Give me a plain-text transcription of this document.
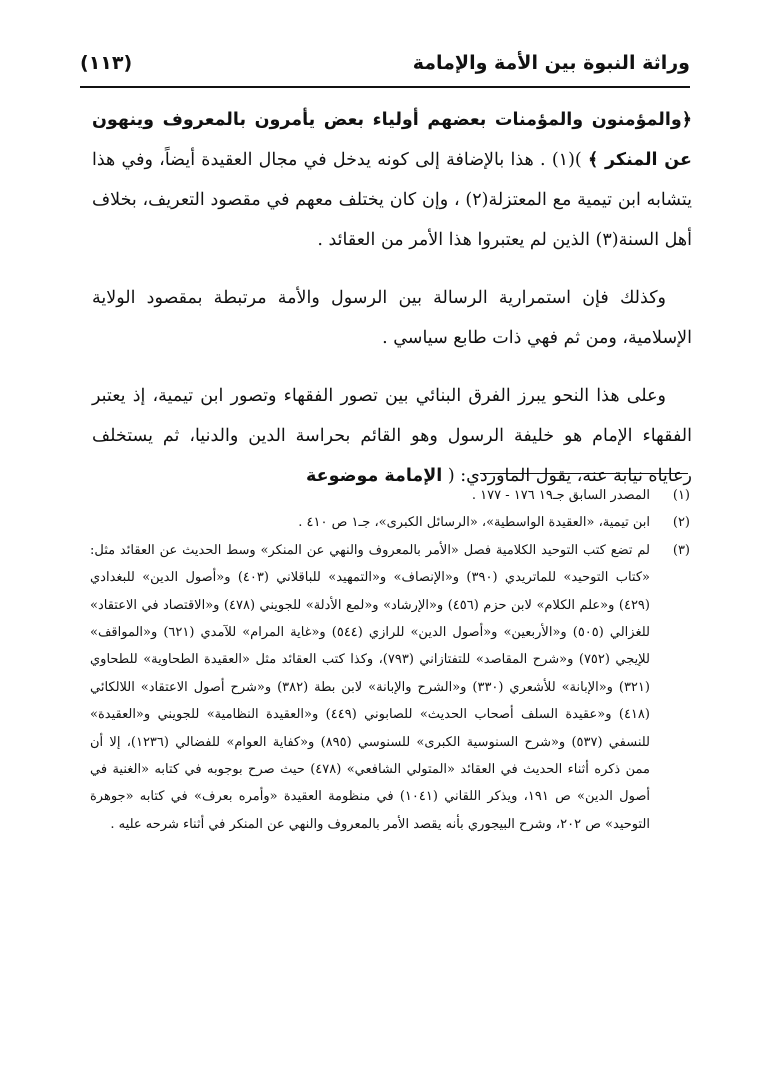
وراثة النبوة بين الأمة والإمامة
(١١٣)

﴿والمؤمنون والمؤمنات بعضهم أولياء بعض يأمرون بالمعروف وينهون عن المنكر ﴾ )(١) . هذا بالإضافة إلى كونه يدخل في مجال العقيدة أيضاً، وفي هذا يتشابه ابن تيمية مع المعتزلة(٢) ، وإن كان يختلف معهم في مقصود التعريف، بخلاف أهل السنة(٣) الذين لم يعتبروا هذا الأمر من العقائد .

وكذلك فإن استمرارية الرسالة بين الرسول والأمة مرتبطة بمقصود الولاية الإسلامية، ومن ثم فهي ذات طابع سياسي .

وعلى هذا النحو يبرز الفرق البنائي بين تصور الفقهاء وتصور ابن تيمية، إذ يعتبر الفقهاء الإمام هو خليفة الرسول وهو القائم بحراسة الدين والدنيا، ثم يستخلف رعاياه نيابة عنه، يقول الماوردي: ( الإمامة موضوعة

(١)
المصدر السابق جـ١٩ ١٧٦ - ١٧٧ .
(٢)
ابن تيمية، «العقيدة الواسطية»، «الرسائل الكبرى»، جـ١ ص ٤١٠ .
(٣)
لم تضع كتب التوحيد الكلامية فصل «الأمر بالمعروف والنهي عن المنكر» وسط الحديث عن العقائد مثل: «كتاب التوحيد» للماتريدي (٣٩٠) و«الإنصاف» و«التمهيد» للباقلاني (٤٠٣) و«أصول الدين» للبغدادي (٤٢٩) و«علم الكلام» لابن حزم (٤٥٦) و«الإرشاد» و«لمع الأدلة» للجويني (٤٧٨) و«الاقتصاد في الاعتقاد» للغزالي (٥٠٥) و«الأربعين» و«أصول الدين» للرازي (٥٤٤) و«غاية المرام» للآمدي (٦٢١) و«المواقف» للإيجي (٧٥٢) و«شرح المقاصد» للتفتازاني (٧٩٣)، وكذا كتب العقائد مثل «العقيدة الطحاوية» للطحاوي (٣٢١) و«الإبانة» للأشعري (٣٣٠) و«الشرح والإبانة» لابن بطة (٣٨٢) و«شرح أصول الاعتقاد» اللالكائي (٤١٨) و«عقيدة السلف أصحاب الحديث» للصابوني (٤٤٩) و«العقيدة النظامية» للجويني و«العقيدة» للنسفي (٥٣٧) و«شرح السنوسية الكبرى» للسنوسي (٨٩٥) و«كفاية العوام» للفضالي (١٢٣٦)، إلا أن ممن ذكره أثناء الحديث في العقائد «المتولي الشافعي» (٤٧٨) حيث صرح بوجوبه في كتابه «الغنية في أصول الدين» ص ١٩١، ويذكر اللقاني (١٠٤١) في منظومة العقيدة «وأمره بعرف» في كتابه «جوهرة التوحيد» ص ٢٠٢، وشرح البيجوري بأنه يقصد الأمر بالمعروف والنهي عن المنكر في أثناء شرحه عليه .
